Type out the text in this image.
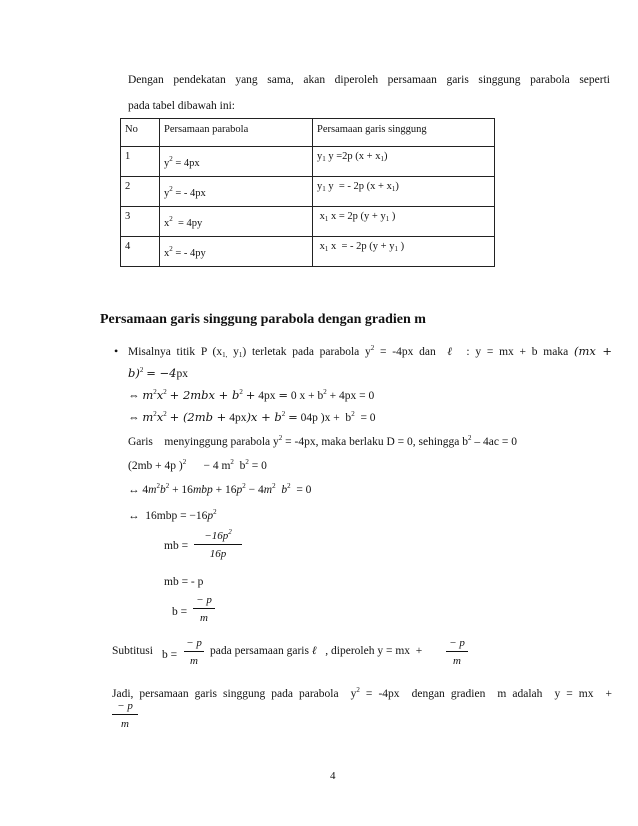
Dengan pendekatan yang sama, akan diperoleh persamaan garis singgung parabola seperti
pada tabel dibawah ini:
No	Persamaan parabola	Persamaan garis singgung
1	$y^2 = 4px$	$y_1$ y =2p $(x + x_1)$
2	$y^2$ = - 4px	$y_1$ y  = - 2p $(x + x_1)$
3	$x^2 = 4py$	$x_1$ x = 2p ($y + y_1$ )
4	$x^2$ = - 4py	$x_1$ x  = - 2p ($y + y_1$ )
Persamaan garis singgung parabola dengan gradien m
• Misalnya titik P ($x_{1,}$ $y_1$) terletak pada parabola $y^2 = -4px$ dan  ℓ  : y = mx + b maka (mx +
b)$^2$ = −4px
⇔ $m^2x^2 + 2mbx + b^2 + 4px = 0$ $x + b^2 + 4px = 0$
⇔ $m^2x^2 + (2mb + 4px)x + b^2 = 04p$ )$x + b^2 = 0$
Garis    menyinggung parabola $y^2 = -4px$, maka berlaku D = 0, sehingga $b^2 - 4ac = 0$
(2mb + 4p )$^2$      − 4 $m^2$  $b^2 = 0$
↔ $4m^2b^2 + 16mbp + 16p^2 - 4m^2$ $b^2 = 0$
↔  $16mbp = -16p^2$
mb = $\frac{-16p^2}{16p}$
mb = - p
$b = \frac{- p}{m}$
Subtitusi $b = \frac{- p}{m}$ pada persamaan garis ℓ   , diperoleh y = mx  + $\frac{- p}{m}$
Jadi, persamaan garis singgung pada parabola  $y^2 = -4px$  dengan gradien  m adalah  y = mx  +
$\frac{- p}{m}$
4
